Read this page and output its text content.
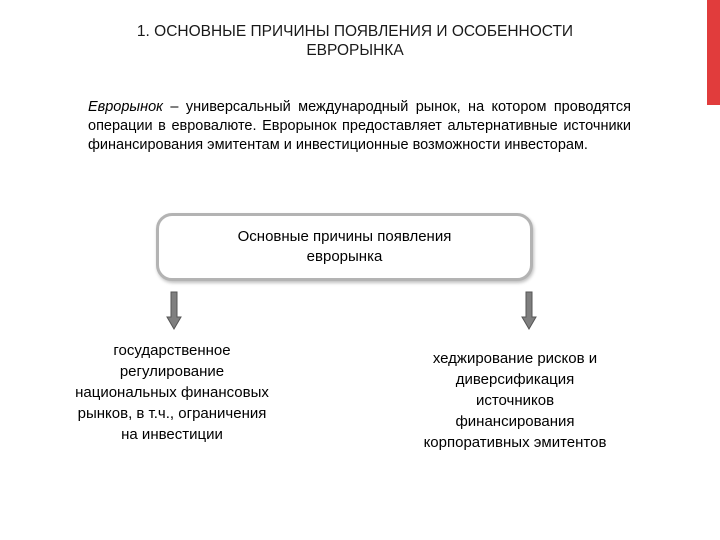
1. ОСНОВНЫЕ ПРИЧИНЫ ПОЯВЛЕНИЯ И ОСОБЕННОСТИ
ЕВРОРЫНКА
Еврорынок – универсальный международный рынок, на котором проводятся операции в евровалюте. Еврорынок предоставляет альтернативные источники финансирования эмитентам и инвестиционные возможности инвесторам.
Основные причины появления
еврорынка
государственное
регулирование
национальных финансовых
рынков, в т.ч., ограничения
на инвестиции
хеджирование рисков и
диверсификация
источников
финансирования
корпоративных эмитентов
